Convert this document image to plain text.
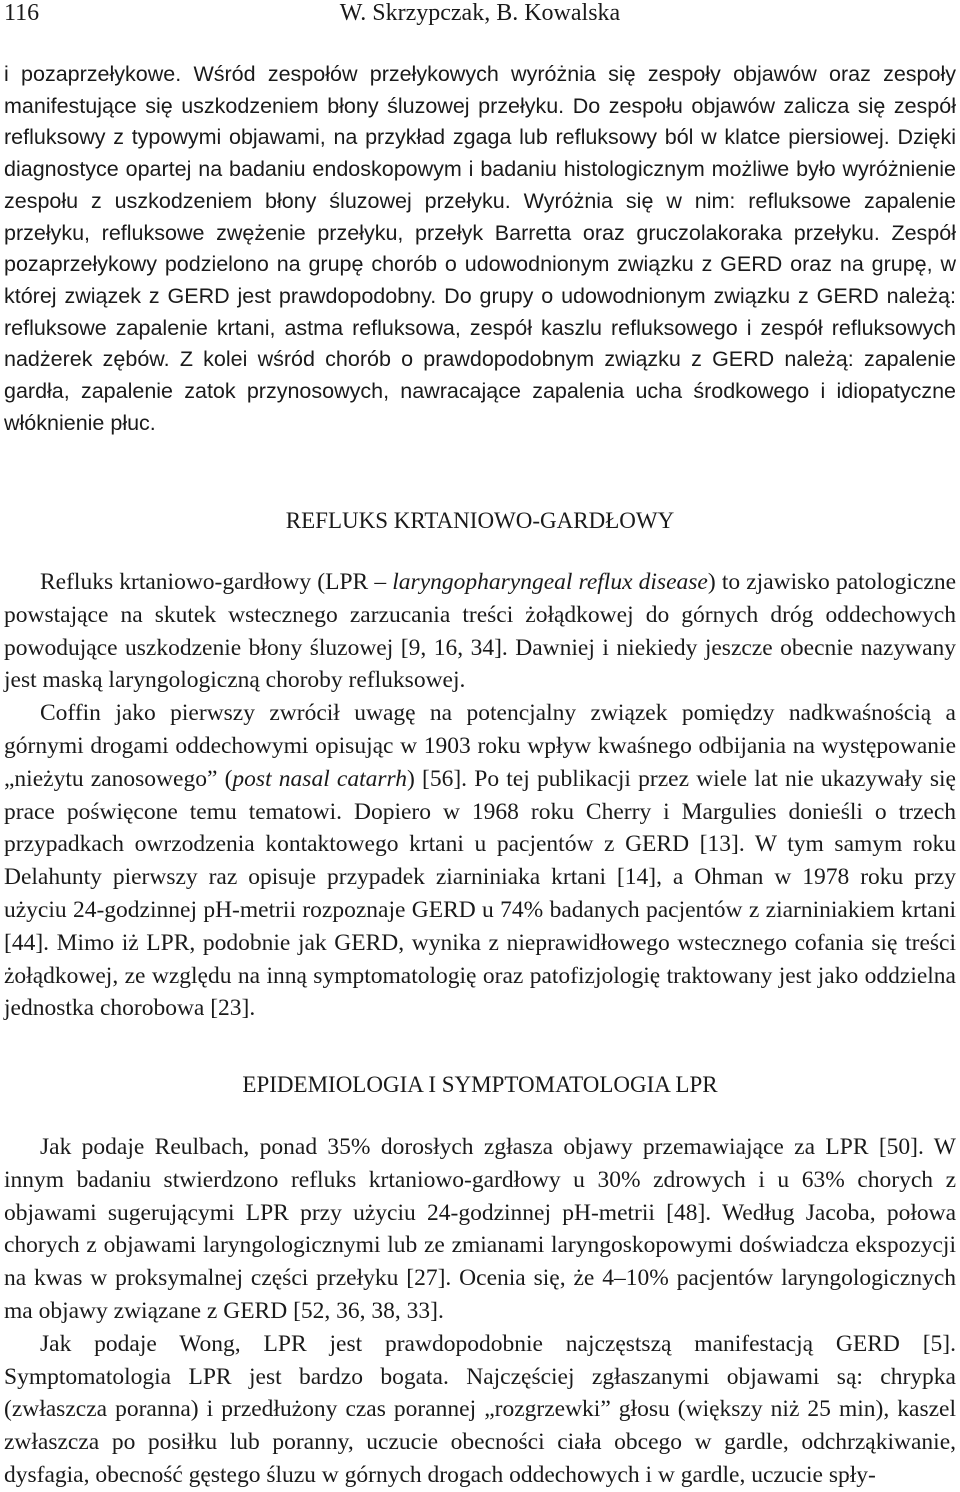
116	W. Skrzypczak, B. Kowalska

i pozaprzełykowe. Wśród zespołów przełykowych wyróżnia się zespoły objawów oraz zespoły manifestujące się uszkodzeniem błony śluzowej przełyku. Do zespołu objawów zalicza się zespół refluksowy z typowymi objawami, na przykład zgaga lub refluksowy ból w klatce piersiowej. Dzięki diagnostyce opartej na badaniu endoskopowym i badaniu histologicznym możliwe było wyróżnienie zespołu z uszkodzeniem błony śluzowej przełyku. Wyróżnia się w nim: refluksowe zapalenie przełyku, refluksowe zwężenie przełyku, przełyk Barretta oraz gruczolakoraka przełyku. Zespół pozaprzełykowy podzielono na grupę chorób o udowodnionym związku z GERD oraz na grupę, w której związek z GERD jest prawdopodobny. Do grupy o udowodnionym związku z GERD należą: refluksowe zapalenie krtani, astma refluksowa, zespół kaszlu refluksowego i zespół refluksowych nadżerek zębów. Z kolei wśród chorób o prawdopodobnym związku z GERD należą: zapalenie gardła, zapalenie zatok przynosowych, nawracające zapalenia ucha środkowego i idiopatyczne włóknienie płuc.

REFLUKS KRTANIOWO-GARDŁOWY

Refluks krtaniowo-gardłowy (LPR – laryngopharyngeal reflux disease) to zjawisko patologiczne powstające na skutek wstecznego zarzucania treści żołądkowej do górnych dróg oddechowych powodujące uszkodzenie błony śluzowej [9, 16, 34]. Dawniej i niekiedy jeszcze obecnie nazywany jest maską laryngologiczną choroby refluksowej.

Coffin jako pierwszy zwrócił uwagę na potencjalny związek pomiędzy nadkwaśnością a górnymi drogami oddechowymi opisując w 1903 roku wpływ kwaśnego odbijania na występowanie „nieżytu zanosowego” (post nasal catarrh) [56]. Po tej publikacji przez wiele lat nie ukazywały się prace poświęcone temu tematowi. Dopiero w 1968 roku Cherry i Margulies donieśli o trzech przypadkach owrzodzenia kontaktowego krtani u pacjentów z GERD [13]. W tym samym roku Delahunty pierwszy raz opisuje przypadek ziarniniaka krtani [14], a Ohman w 1978 roku przy użyciu 24-godzinnej pH-metrii rozpoznaje GERD u 74% badanych pacjentów z ziarniniakiem krtani [44]. Mimo iż LPR, podobnie jak GERD, wynika z nieprawidłowego wstecznego cofania się treści żołądkowej, ze względu na inną symptomatologię oraz patofizjologię traktowany jest jako oddzielna jednostka chorobowa [23].

EPIDEMIOLOGIA I SYMPTOMATOLOGIA LPR

Jak podaje Reulbach, ponad 35% dorosłych zgłasza objawy przemawiające za LPR [50]. W innym badaniu stwierdzono refluks krtaniowo-gardłowy u 30% zdrowych i u 63% chorych z objawami sugerującymi LPR przy użyciu 24-godzinnej pH-metrii [48]. Według Jacoba, połowa chorych z objawami laryngologicznymi lub ze zmianami laryngoskopowymi doświadcza ekspozycji na kwas w proksymalnej części przełyku [27]. Ocenia się, że 4–10% pacjentów laryngologicznych ma objawy związane z GERD [52, 36, 38, 33].

Jak podaje Wong, LPR jest prawdopodobnie najczęstszą manifestacją GERD [5]. Symptomatologia LPR jest bardzo bogata. Najczęściej zgłaszanymi objawami są: chrypka (zwłaszcza poranna) i przedłużony czas porannej „rozgrzewki” głosu (większy niż 25 min), kaszel zwłaszcza po posiłku lub poranny, uczucie obecności ciała obcego w gardle, odchrząkiwanie, dysfagia, obecność gęstego śluzu w górnych drogach oddechowych i w gardle, uczucie spły-
